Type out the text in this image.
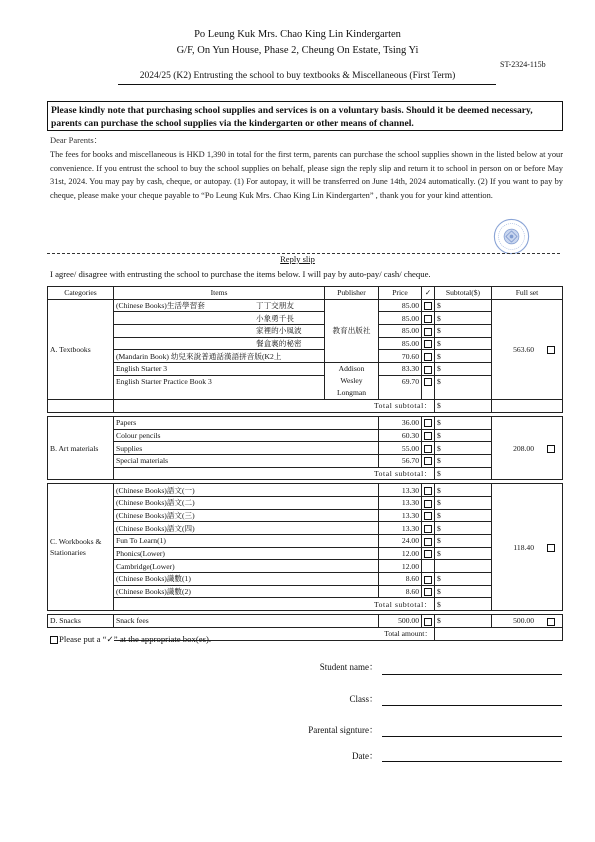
Po Leung Kuk Mrs. Chao King Lin Kindergarten
G/F, On Yun House, Phase 2, Cheung On Estate, Tsing Yi
ST-2324-115b
2024/25 (K2) Entrusting the school to buy textbooks & Miscellaneous (First Term)
Please kindly note that purchasing school supplies and services is on a voluntary basis. Should it be deemed necessary, parents can purchase the school supplies via the kindergarten or other means of channel.
Dear Parents：
The fees for books and miscellaneous is HKD 1,390 in total for the first term, parents can purchase the school supplies shown in the listed below at your convenience. If you entrust the school to buy the school supplies on behalf, please sign the reply slip and return it to school in person on or before May 31st, 2024. You may pay by cash, cheque, or autopay. (1) For autopay, it will be transferred on June 14th, 2024 automatically. (2) If you want to pay by cheque, please make your cheque payable to “Po Leung Kuk Mrs. Chao King Lin Kindergarten” , thank you for your kind attention.
Reply slip
I agree/ disagree with entrusting the school to purchase the items below. I will pay by auto-pay/ cash/ cheque.
Categories	Items	Publisher	Price	✓	Subtotal($)	Full set
A. Textbooks	(Chinese Books)生活學習套 丁丁交朋友	教育出版社	85.00		$	563.60
	小象勇千長		85.00		$	
	家裡的小風波		85.00		$	
	餐盒裏的秘密		85.00		$	
	(Mandarin Book) 幼兒來說普通話漢語拼音版(K2上		70.60		$	
	English Starter 3	Addison Wesley Longman	83.30		$	
	English Starter Practice Book 3		69.70		$	

	Total subtotal：				$	

B. Art materials	Papers		36.00		$	208.00
	Colour pencils		60.30		$	
	Supplies		55.00		$	
	Special materials		56.70		$	
	Total subtotal：				$	

C. Workbooks & Stationaries	(Chinese Books)語文(一)		13.30		$	118.40
	(Chinese Books)語文(二)		13.30		$	
	(Chinese Books)語文(三)		13.30		$	
	(Chinese Books)語文(四)		13.30		$	
	Fun To Learn(1)		24.00		$	
	Phonics(Lower)		12.00		$	
	Cambridge(Lower)		12.00			
	(Chinese Books)識數(1)		8.60		$	
	(Chinese Books)識數(2)		8.60		$	
	Total subtotal：				$	

D. Snacks	Snack fees		500.00		$	500.00
	Total amount：					
Please put a “✓” at the appropriate box(es).
Student name：
Class：
Parental signture：
Date：
